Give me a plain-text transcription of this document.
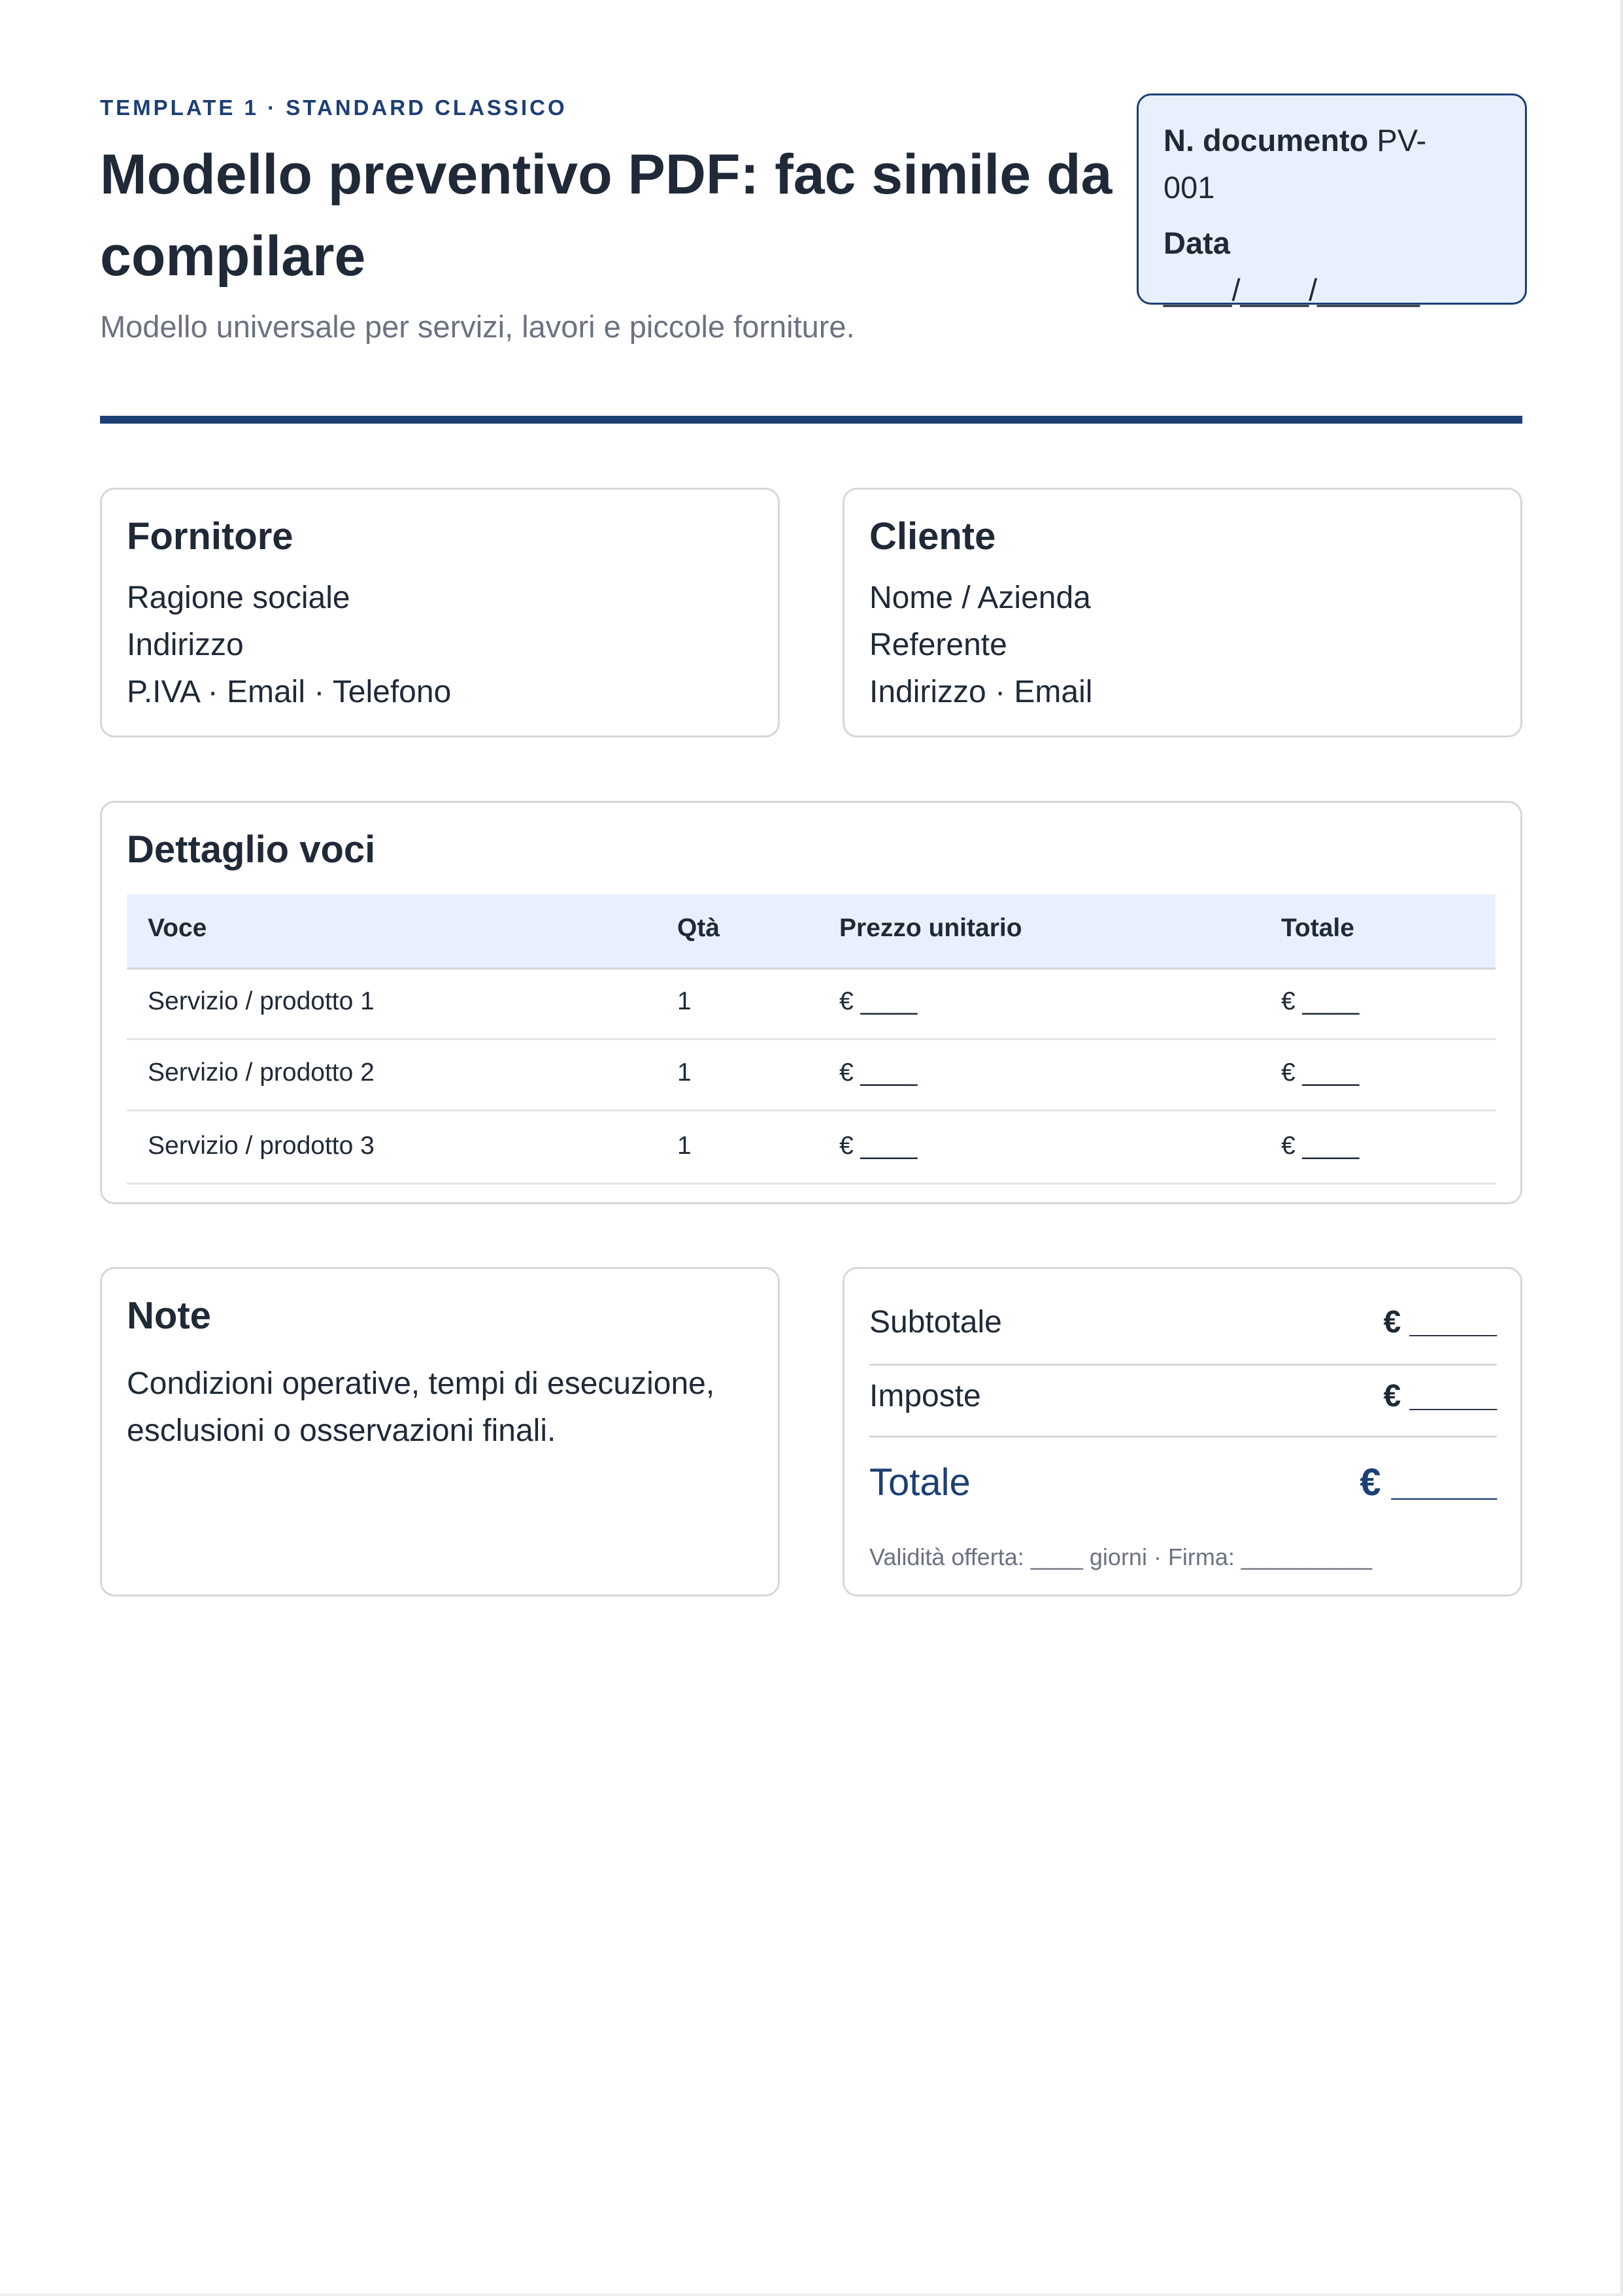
TEMPLATE 1 · STANDARD CLASSICO
Modello preventivo PDF: fac simile da compilare
Modello universale per servizi, lavori e piccole forniture.
N. documento PV-001
Data
____/____/______
Fornitore
Ragione sociale
Indirizzo
P.IVA · Email · Telefono
Cliente
Nome / Azienda
Referente
Indirizzo · Email
Dettaglio voci
Voce	Qtà	Prezzo unitario	Totale
Servizio / prodotto 1	1	€ ____	€ ____
Servizio / prodotto 2	1	€ ____	€ ____
Servizio / prodotto 3	1	€ ____	€ ____
Note
Condizioni operative, tempi di esecuzione, esclusioni o osservazioni finali.
Subtotale	€ _____
Imposte	€ _____
Totale	€ _____
Validità offerta: ____ giorni · Firma: __________
